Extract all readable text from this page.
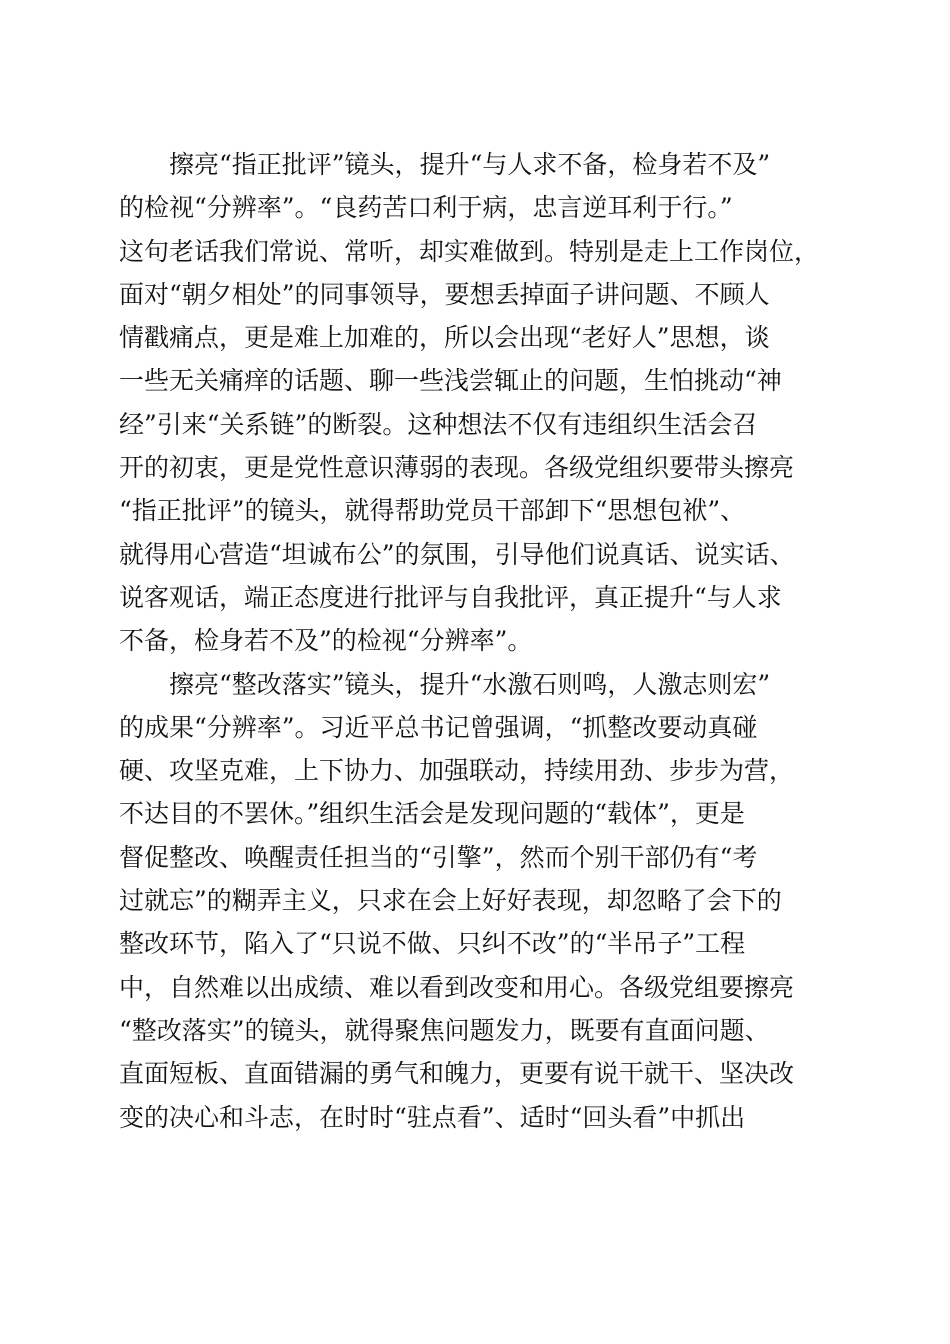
　　擦亮“指正批评”镜头，提升“与人求不备，检身若不及”
的检视“分辨率”。“良药苦口利于病，忠言逆耳利于行。”
这句老话我们常说、常听，却实难做到。特别是走上工作岗位，
面对“朝夕相处”的同事领导，要想丢掉面子讲问题、不顾人
情戳痛点，更是难上加难的，所以会出现“老好人”思想，谈
一些无关痛痒的话题、聊一些浅尝辄止的问题，生怕挑动“神
经”引来“关系链”的断裂。这种想法不仅有违组织生活会召
开的初衷，更是党性意识薄弱的表现。各级党组织要带头擦亮
“指正批评”的镜头，就得帮助党员干部卸下“思想包袱”、
就得用心营造“坦诚布公”的氛围，引导他们说真话、说实话、
说客观话，端正态度进行批评与自我批评，真正提升“与人求
不备，检身若不及”的检视“分辨率”。
　　擦亮“整改落实”镜头，提升“水激石则鸣，人激志则宏”
的成果“分辨率”。习近平总书记曾强调，“抓整改要动真碰
硬、攻坚克难，上下协力、加强联动，持续用劲、步步为营，
不达目的不罢休。”组织生活会是发现问题的“载体”，更是
督促整改、唤醒责任担当的“引擎”，然而个别干部仍有“考
过就忘”的糊弄主义，只求在会上好好表现，却忽略了会下的
整改环节，陷入了“只说不做、只纠不改”的“半吊子”工程
中，自然难以出成绩、难以看到改变和用心。各级党组要擦亮
“整改落实”的镜头，就得聚焦问题发力，既要有直面问题、
直面短板、直面错漏的勇气和魄力，更要有说干就干、坚决改
变的决心和斗志，在时时“驻点看”、适时“回头看”中抓出
